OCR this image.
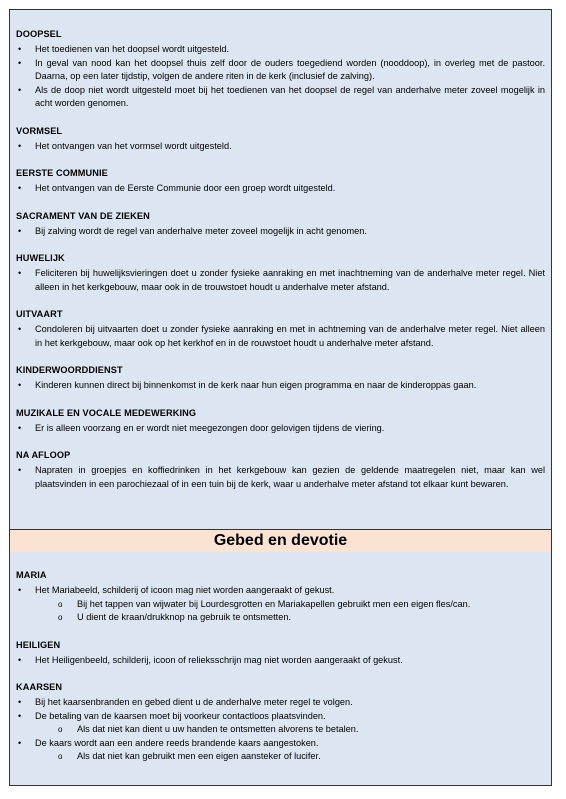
DOOPSEL
• Het toedienen van het doopsel wordt uitgesteld.
• In geval van nood kan het doopsel thuis zelf door de ouders toegediend worden (nooddoop), in overleg met de pastoor. Daarna, op een later tijdstip, volgen de andere riten in de kerk (inclusief de zalving).
• Als de doop niet wordt uitgesteld moet bij het toedienen van het doopsel de regel van anderhalve meter zoveel mogelijk in acht worden genomen.
VORMSEL
• Het ontvangen van het vormsel wordt uitgesteld.
EERSTE COMMUNIE
• Het ontvangen van de Eerste Communie door een groep wordt uitgesteld.
SACRAMENT VAN DE ZIEKEN
• Bij zalving wordt de regel van anderhalve meter zoveel mogelijk in acht genomen.
HUWELIJK
• Feliciteren bij huwelijksvieringen doet u zonder fysieke aanraking en met inachtneming van de anderhalve meter regel. Niet alleen in het kerkgebouw, maar ook in de trouwstoet houdt u anderhalve meter afstand.
UITVAART
• Condoleren bij uitvaarten doet u zonder fysieke aanraking en met in achtneming van de anderhalve meter regel. Niet alleen in het kerkgebouw, maar ook op het kerkhof en in de rouwstoet houdt u anderhalve meter afstand.
KINDERWOORDDIENST
• Kinderen kunnen direct bij binnenkomst in de kerk naar hun eigen programma en naar de kinderoppas gaan.
MUZIKALE EN VOCALE MEDEWERKING
• Er is alleen voorzang en er wordt niet meegezongen door gelovigen tijdens de viering.
NA AFLOOP
• Napraten in groepjes en koffiedrinken in het kerkgebouw kan gezien de geldende maatregelen niet, maar kan wel plaatsvinden in een parochiezaal of in een tuin bij de kerk, waar u anderhalve meter afstand tot elkaar kunt bewaren.
Gebed en devotie
MARIA
• Het Mariabeeld, schilderij of icoon mag niet worden aangeraakt of gekust.
o Bij het tappen van wijwater bij Lourdesgrotten en Mariakapellen gebruikt men een eigen fles/can.
o U dient de kraan/drukknop na gebruik te ontsmetten.
HEILIGEN
• Het Heiligenbeeld, schilderij, icoon of relieksschrijn mag niet worden aangeraakt of gekust.
KAARSEN
• Bij het kaarsenbranden en gebed dient u de anderhalve meter regel te volgen.
• De betaling van de kaarsen moet bij voorkeur contactloos plaatsvinden.
o Als dat niet kan dient u uw handen te ontsmetten alvorens te betalen.
• De kaars wordt aan een andere reeds brandende kaars aangestoken.
o Als dat niet kan gebruikt men een eigen aansteker of lucifer.
